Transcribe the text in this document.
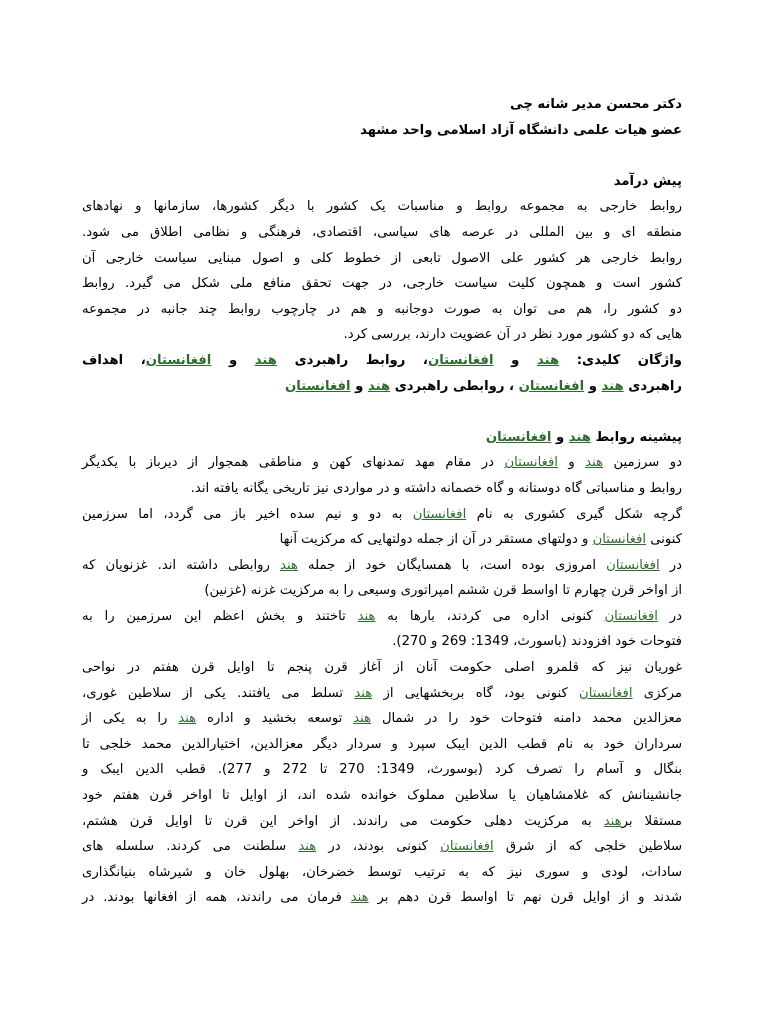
دکتر محسن مدیر شانه چی
عضو هیات علمی دانشگاه آزاد اسلامی واحد مشهد
پیش درآمد
روابط خارجی به مجموعه روابط و مناسبات یک کشور با دیگر کشورها، سازمانها و نهادهای
منطقه ای و بین المللی در عرصه های سیاسی، اقتصادی، فرهنگی و نظامی اطلاق می شود.
روابط خارجی هر کشور علی الاصول تابعی از خطوط کلی و اصول مبنایی سیاست خارجی آن
کشور است و همچون کلیت سیاست خارجی، در جهت تحقق منافع ملی شکل می گیرد. روابط
دو کشور را، هم می توان به صورت دوجانبه و هم در چارچوب روابط چند جانبه در مجموعه
هایی که دو کشور مورد نظر در آن عضویت دارند، بررسی کرد.
واژگان کلیدی: هند و افغانستان، روابط راهبردی هند و افغانستان، اهداف
راهبردی هند و افغانستان ، روابطی راهبردی هند و افغانستان
پیشینه روابط هند و افغانستان
دو سرزمین هند و افغانستان در مقام مهد تمدنهای کهن و مناطقی همجوار از دیرباز با یکدیگر
روابط و مناسباتی گاه دوستانه و گاه خصمانه داشته و در مواردی نیز تاریخی یگانه یافته اند.
گرچه شکل گیری کشوری به نام افغانستان به دو و نیم سده اخیر باز می گردد، اما سرزمین
کنونی افغانستان و دولتهای مستقر در آن از جمله دولتهایی که مرکزیت آنها
در افغانستان امروزی بوده است، با همسایگان خود از جمله هند روابطی داشته اند. غزنویان که
از اواخر قرن چهارم تا اواسط قرن ششم امپراتوری وسیعی را به مرکزیت غزنه (غزنین)
در افغانستان کنونی اداره می کردند، بارها به هند تاختند و بخش اعظم این سرزمین را به
فتوحات خود افزودند (باسورث، 1349: 269 و 270).
غوریان نیز که قلمرو اصلی حکومت آنان از آغاز قرن پنجم تا اوایل قرن هفتم در نواحی
مرکزی افغانستان کنونی بود، گاه بربخشهایی از هند تسلط می یافتند. یکی از سلاطین غوری،
معزالدین محمد دامنه فتوحات خود را در شمال هند توسعه بخشید و اداره هند را به یکی از
سرداران خود به نام قطب الدین ایبک سپرد و سردار دیگر معزالدین، اختیارالدین محمد خلجی تا
بنگال و آسام را تصرف کرد (بوسورث، 1349: 270 تا 272 و 277). قطب الدین ایبک و
جانشینانش که غلامشاهیان یا سلاطین مملوک خوانده شده اند، از اوایل تا اواخر قرن هفتم خود
مستقلا برهند به مرکزیت دهلی حکومت می راندند. از اواخر این قرن تا اوایل قرن هشتم،
سلاطین خلجی که از شرق افغانستان کنونی بودند، در هند سلطنت می کردند. سلسله های
سادات، لودی و سوری نیز که به ترتیب توسط خضرخان، بهلول خان و شیرشاه بنیانگذاری
شدند و از اوایل قرن نهم تا اواسط قرن دهم بر هند فرمان می راندند، همه از افغانها بودند. در
